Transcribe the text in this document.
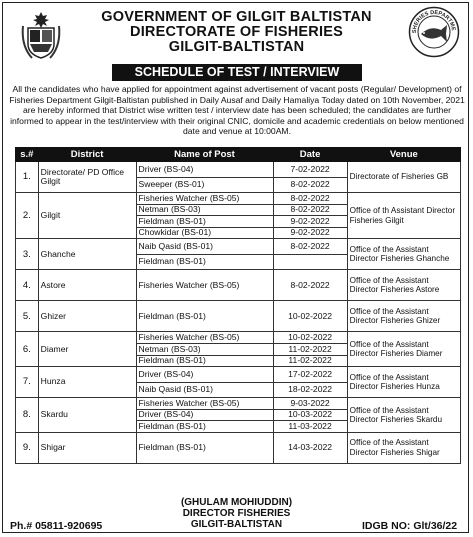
SHERIES DEPARTME
GOVERNMENT OF GILGIT BALTISTAN
DIRECTORATE OF FISHERIES
GILGIT-BALTISTAN
SCHEDULE OF TEST / INTERVIEW
All the candidates who have applied for appointment against advertisement of vacant posts (Regular/ Development) of Fisheries Department Gilgit-Baltistan published in Daily Ausaf and Daily Hamaliya Today dated on 10th November, 2021 are hereby informed that District wise written test / interview date has been scheduled; the candidates are further informed to appear in the test/interview with their original CNIC, domicile and academic credentials on below mentioned date and venue at 10:00AM.
s.#	District	Name of Post	Date	Venue
1.	Directorate/ PD Office Gilgit	Driver (BS-04)	7-02-2022	Directorate of Fisheries GB
		Sweeper (BS-01)	8-02-2022	
2.	Gilgit	Fisheries Watcher (BS-05)	8-02-2022	Office of th Assistant Director Fisheries Gilgit
		Netman (BS-03)	8-02-2022	
		Fieldman (BS-01)	9-02-2022	
		Chowkidar (BS-01)	9-02-2022	
3.	Ghanche	Naib Qasid (BS-01)	8-02-2022	Office of the Assistant Director Fisheries Ghanche
		Fieldman (BS-01)		
4.	Astore	Fisheries Watcher (BS-05)	8-02-2022	Office of the Assistant Director Fisheries Astore
5.	Ghizer	Fieldman (BS-01)	10-02-2022	Office of the Assistant Director Fisheries Ghizer
6.	Diamer	Fisheries Watcher (BS-05)	10-02-2022	Office of the Assistant Director Fisheries Diamer
		Netman (BS-03)	11-02-2022	
		Fieldman (BS-01)	11-02-2022	
7.	Hunza	Driver (BS-04)	17-02-2022	Office of the Assistant Director Fisheries Hunza
		Naib Qasid (BS-01)	18-02-2022	
8.	Skardu	Fisheries Watcher (BS-05)	9-03-2022	Office of the Assistant Director Fisheries Skardu
		Driver (BS-04)	10-03-2022	
		Fieldman (BS-01)	11-03-2022	
9.	Shigar	Fieldman (BS-01)	14-03-2022	Office of the Assistant Director Fisheries Shigar
(GHULAM MOHIUDDIN)
DIRECTOR FISHERIES
GILGIT-BALTISTAN
Ph.# 05811-920695	IDGB NO: Glt/36/22
